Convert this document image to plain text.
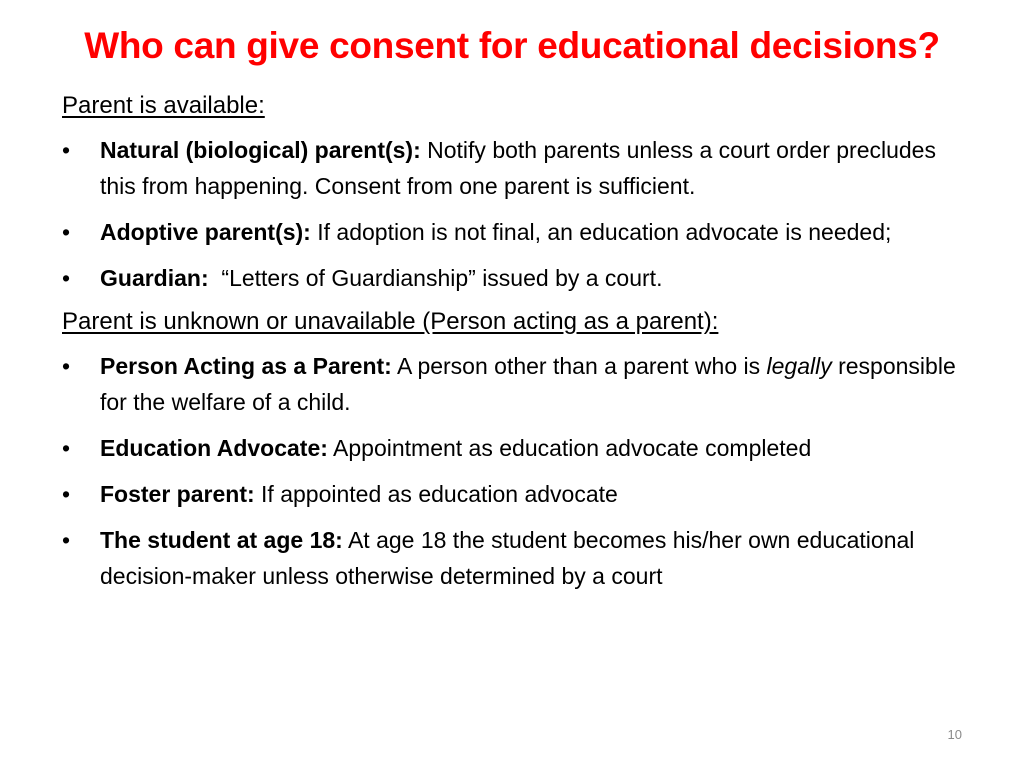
Who can give consent for educational decisions?
Parent is available:
•	Natural (biological) parent(s): Notify both parents unless a court order precludes this from happening. Consent from one parent is sufficient.
•	Adoptive parent(s): If adoption is not final, an education advocate is needed;
•	Guardian:  “Letters of Guardianship” issued by a court.
Parent is unknown or unavailable (Person acting as a parent):
•	Person Acting as a Parent: A person other than a parent who is legally responsible for the welfare of a child.
•	Education Advocate: Appointment as education advocate completed
•	Foster parent: If appointed as education advocate
•	The student at age 18: At age 18 the student becomes his/her own educational decision-maker unless otherwise determined by a court
10
